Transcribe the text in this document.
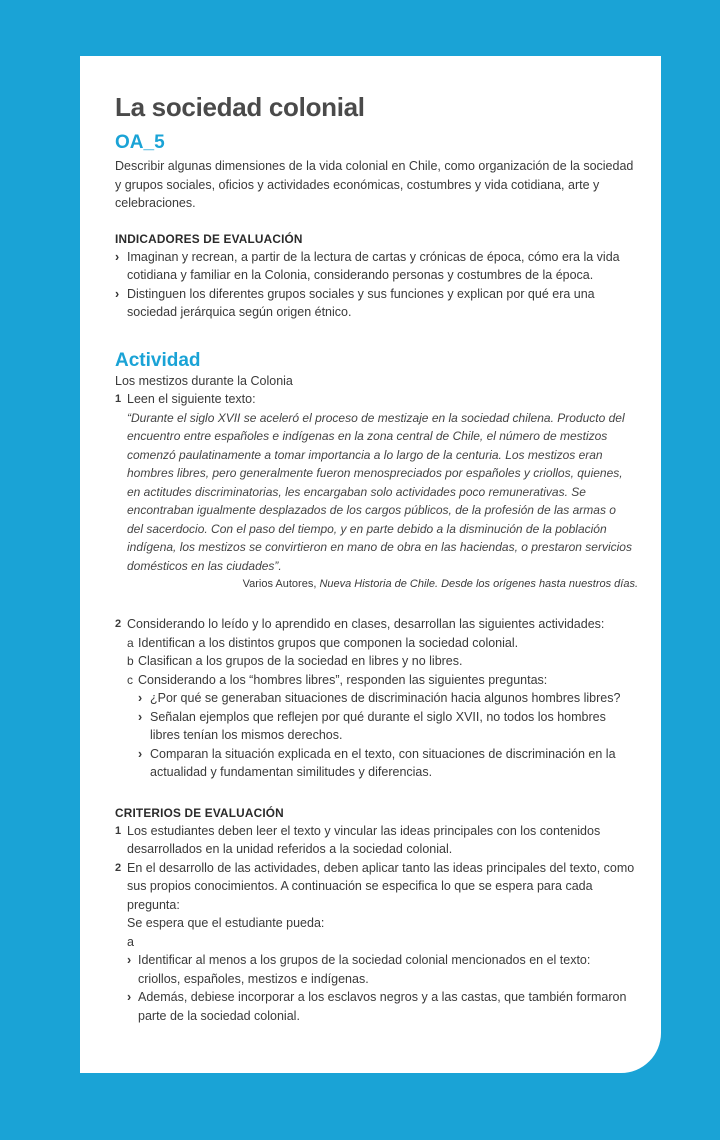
La sociedad colonial
OA_5

Describir algunas dimensiones de la vida colonial en Chile, como organización de la sociedad y grupos sociales, oficios y actividades económicas, costumbres y vida cotidiana, arte y celebraciones.

INDICADORES DE EVALUACIÓN

› Imaginan y recrean, a partir de la lectura de cartas y crónicas de época, cómo era la vida cotidiana y familiar en la Colonia, considerando personas y costumbres de la época.

› Distinguen los diferentes grupos sociales y sus funciones y explican por qué era una sociedad jerárquica según origen étnico.

Actividad

Los mestizos durante la Colonia

1 Leen el siguiente texto:

“Durante el siglo XVII se aceleró el proceso de mestizaje en la sociedad chilena. Producto del encuentro entre españoles e indígenas en la zona central de Chile, el número de mestizos comenzó paulatinamente a tomar importancia a lo largo de la centuria. Los mestizos eran hombres libres, pero generalmente fueron menospreciados por españoles y criollos, quienes, en actitudes discriminatorias, les encargaban solo actividades poco remunerativas. Se encontraban igualmente desplazados de los cargos públicos, de la profesión de las armas o del sacerdocio. Con el paso del tiempo, y en parte debido a la disminución de la población indígena, los mestizos se convirtieron en mano de obra en las haciendas, o prestaron servicios domésticos en las ciudades”.

Varios Autores, Nueva Historia de Chile. Desde los orígenes hasta nuestros días.

2 Considerando lo leído y lo aprendido en clases, desarrollan las siguientes actividades:

a Identifican a los distintos grupos que componen la sociedad colonial.

b Clasifican a los grupos de la sociedad en libres y no libres.

c Considerando a los “hombres libres”, responden las siguientes preguntas:

› ¿Por qué se generaban situaciones de discriminación hacia algunos hombres libres?

› Señalan ejemplos que reflejen por qué durante el siglo XVII, no todos los hombres libres tenían los mismos derechos.

› Comparan la situación explicada en el texto, con situaciones de discriminación en la actualidad y fundamentan similitudes y diferencias.

CRITERIOS DE EVALUACIÓN
1 Los estudiantes deben leer el texto y vincular las ideas principales con los contenidos desarrollados en la unidad referidos a la sociedad colonial.
2 En el desarrollo de las actividades, deben aplicar tanto las ideas principales del texto, como sus propios conocimientos. A continuación se especifica lo que se espera para cada pregunta:

Se espera que el estudiante pueda:

a

› Identificar al menos a los grupos de la sociedad colonial mencionados en el texto: criollos, españoles, mestizos e indígenas.

› Además, debiese incorporar a los esclavos negros y a las castas, que también formaron parte de la sociedad colonial.
